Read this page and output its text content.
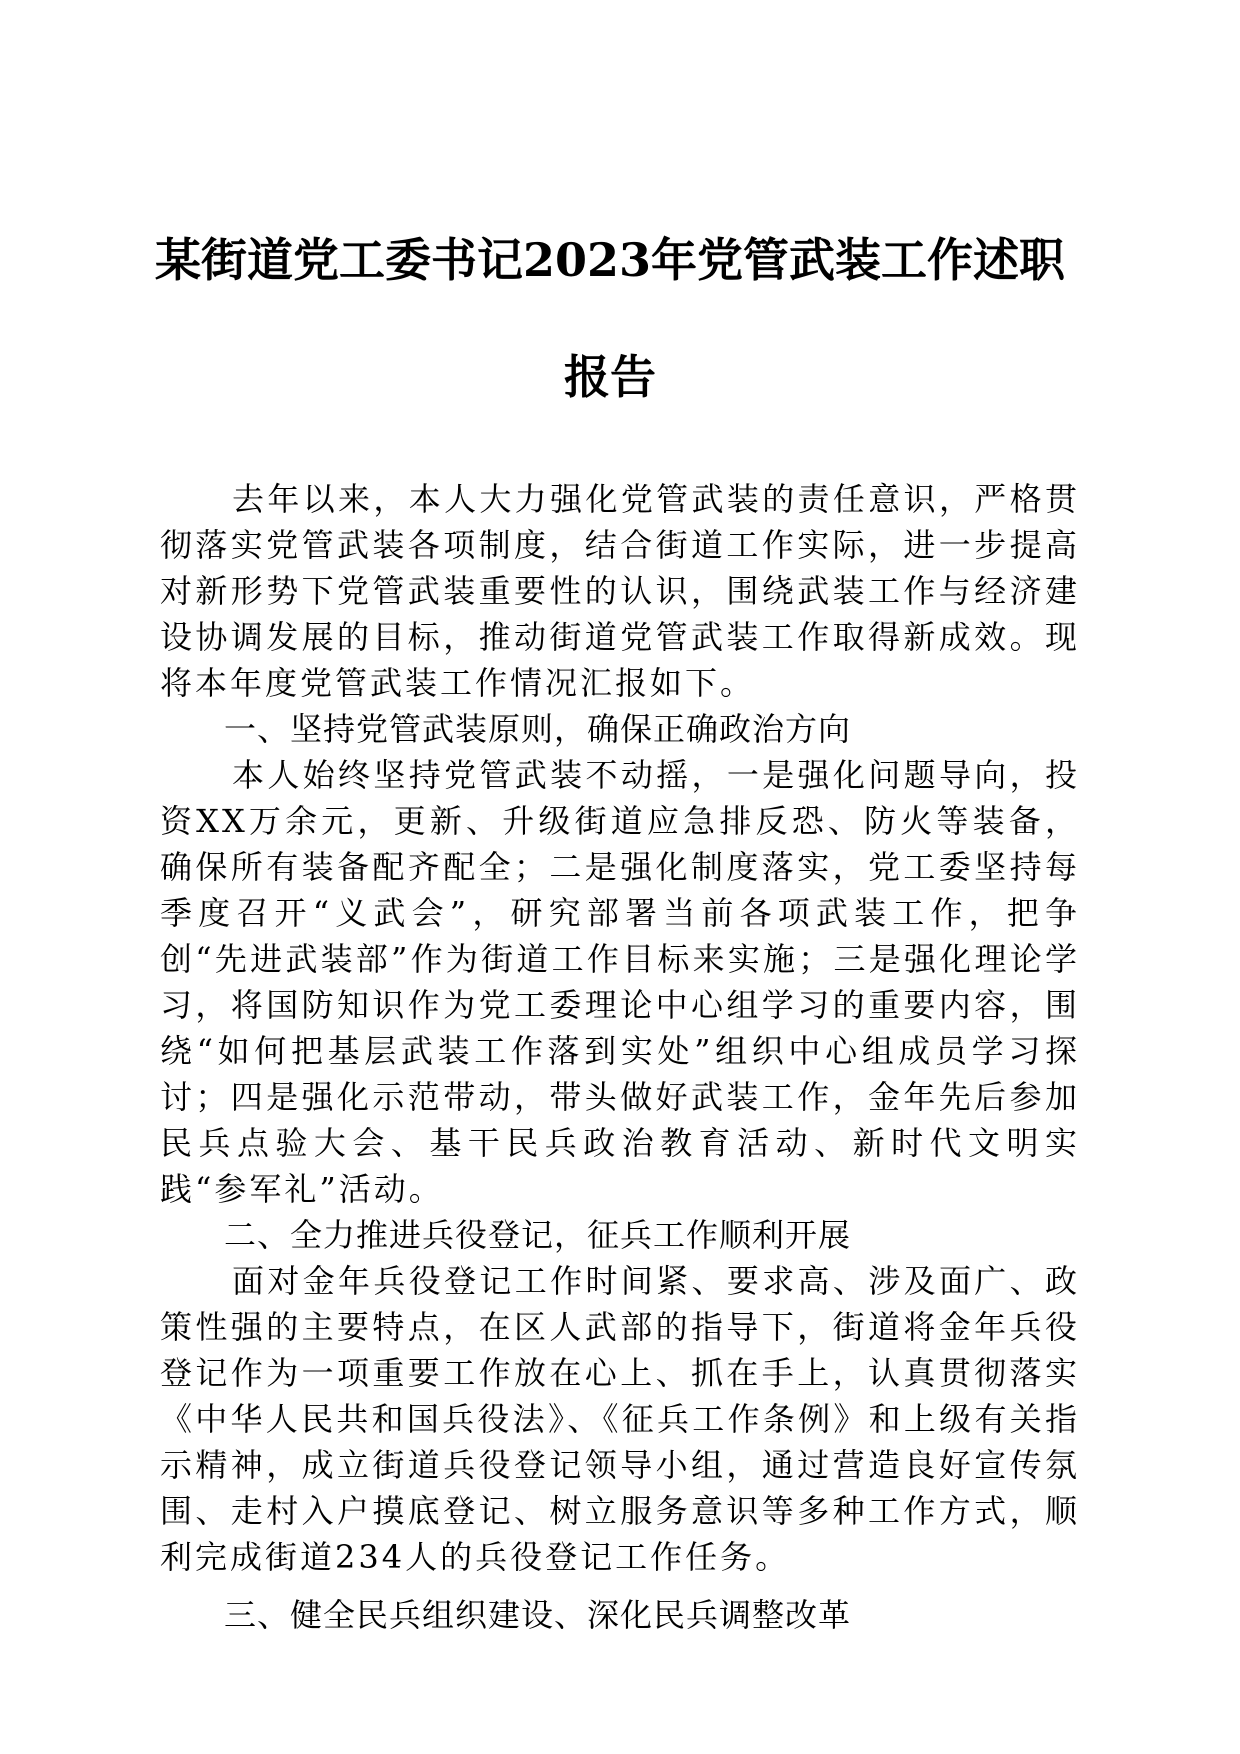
某街道党工委书记2023年党管武装工作述职
报告

去年以来，本人大力强化党管武装的责任意识，严格贯彻落实党管武装各项制度，结合街道工作实际，进一步提高对新形势下党管武装重要性的认识，围绕武装工作与经济建设协调发展的目标，推动街道党管武装工作取得新成效。现将本年度党管武装工作情况汇报如下。

一、坚持党管武装原则，确保正确政治方向

本人始终坚持党管武装不动摇，一是强化问题导向，投资XX万余元，更新、升级街道应急排反恐、防火等装备，确保所有装备配齐配全；二是强化制度落实，党工委坚持每季度召开“义武会”，研究部署当前各项武装工作，把争创“先进武装部”作为街道工作目标来实施；三是强化理论学习，将国防知识作为党工委理论中心组学习的重要内容，围绕“如何把基层武装工作落到实处”组织中心组成员学习探讨；四是强化示范带动，带头做好武装工作，金年先后参加民兵点验大会、基干民兵政治教育活动、新时代文明实践“参军礼”活动。

二、全力推进兵役登记，征兵工作顺利开展

面对金年兵役登记工作时间紧、要求高、涉及面广、政策性强的主要特点，在区人武部的指导下，街道将金年兵役登记作为一项重要工作放在心上、抓在手上，认真贯彻落实《中华人民共和国兵役法》、《征兵工作条例》和上级有关指示精神，成立街道兵役登记领导小组，通过营造良好宣传氛围、走村入户摸底登记、树立服务意识等多种工作方式，顺利完成街道234人的兵役登记工作任务。

三、健全民兵组织建设、深化民兵调整改革
